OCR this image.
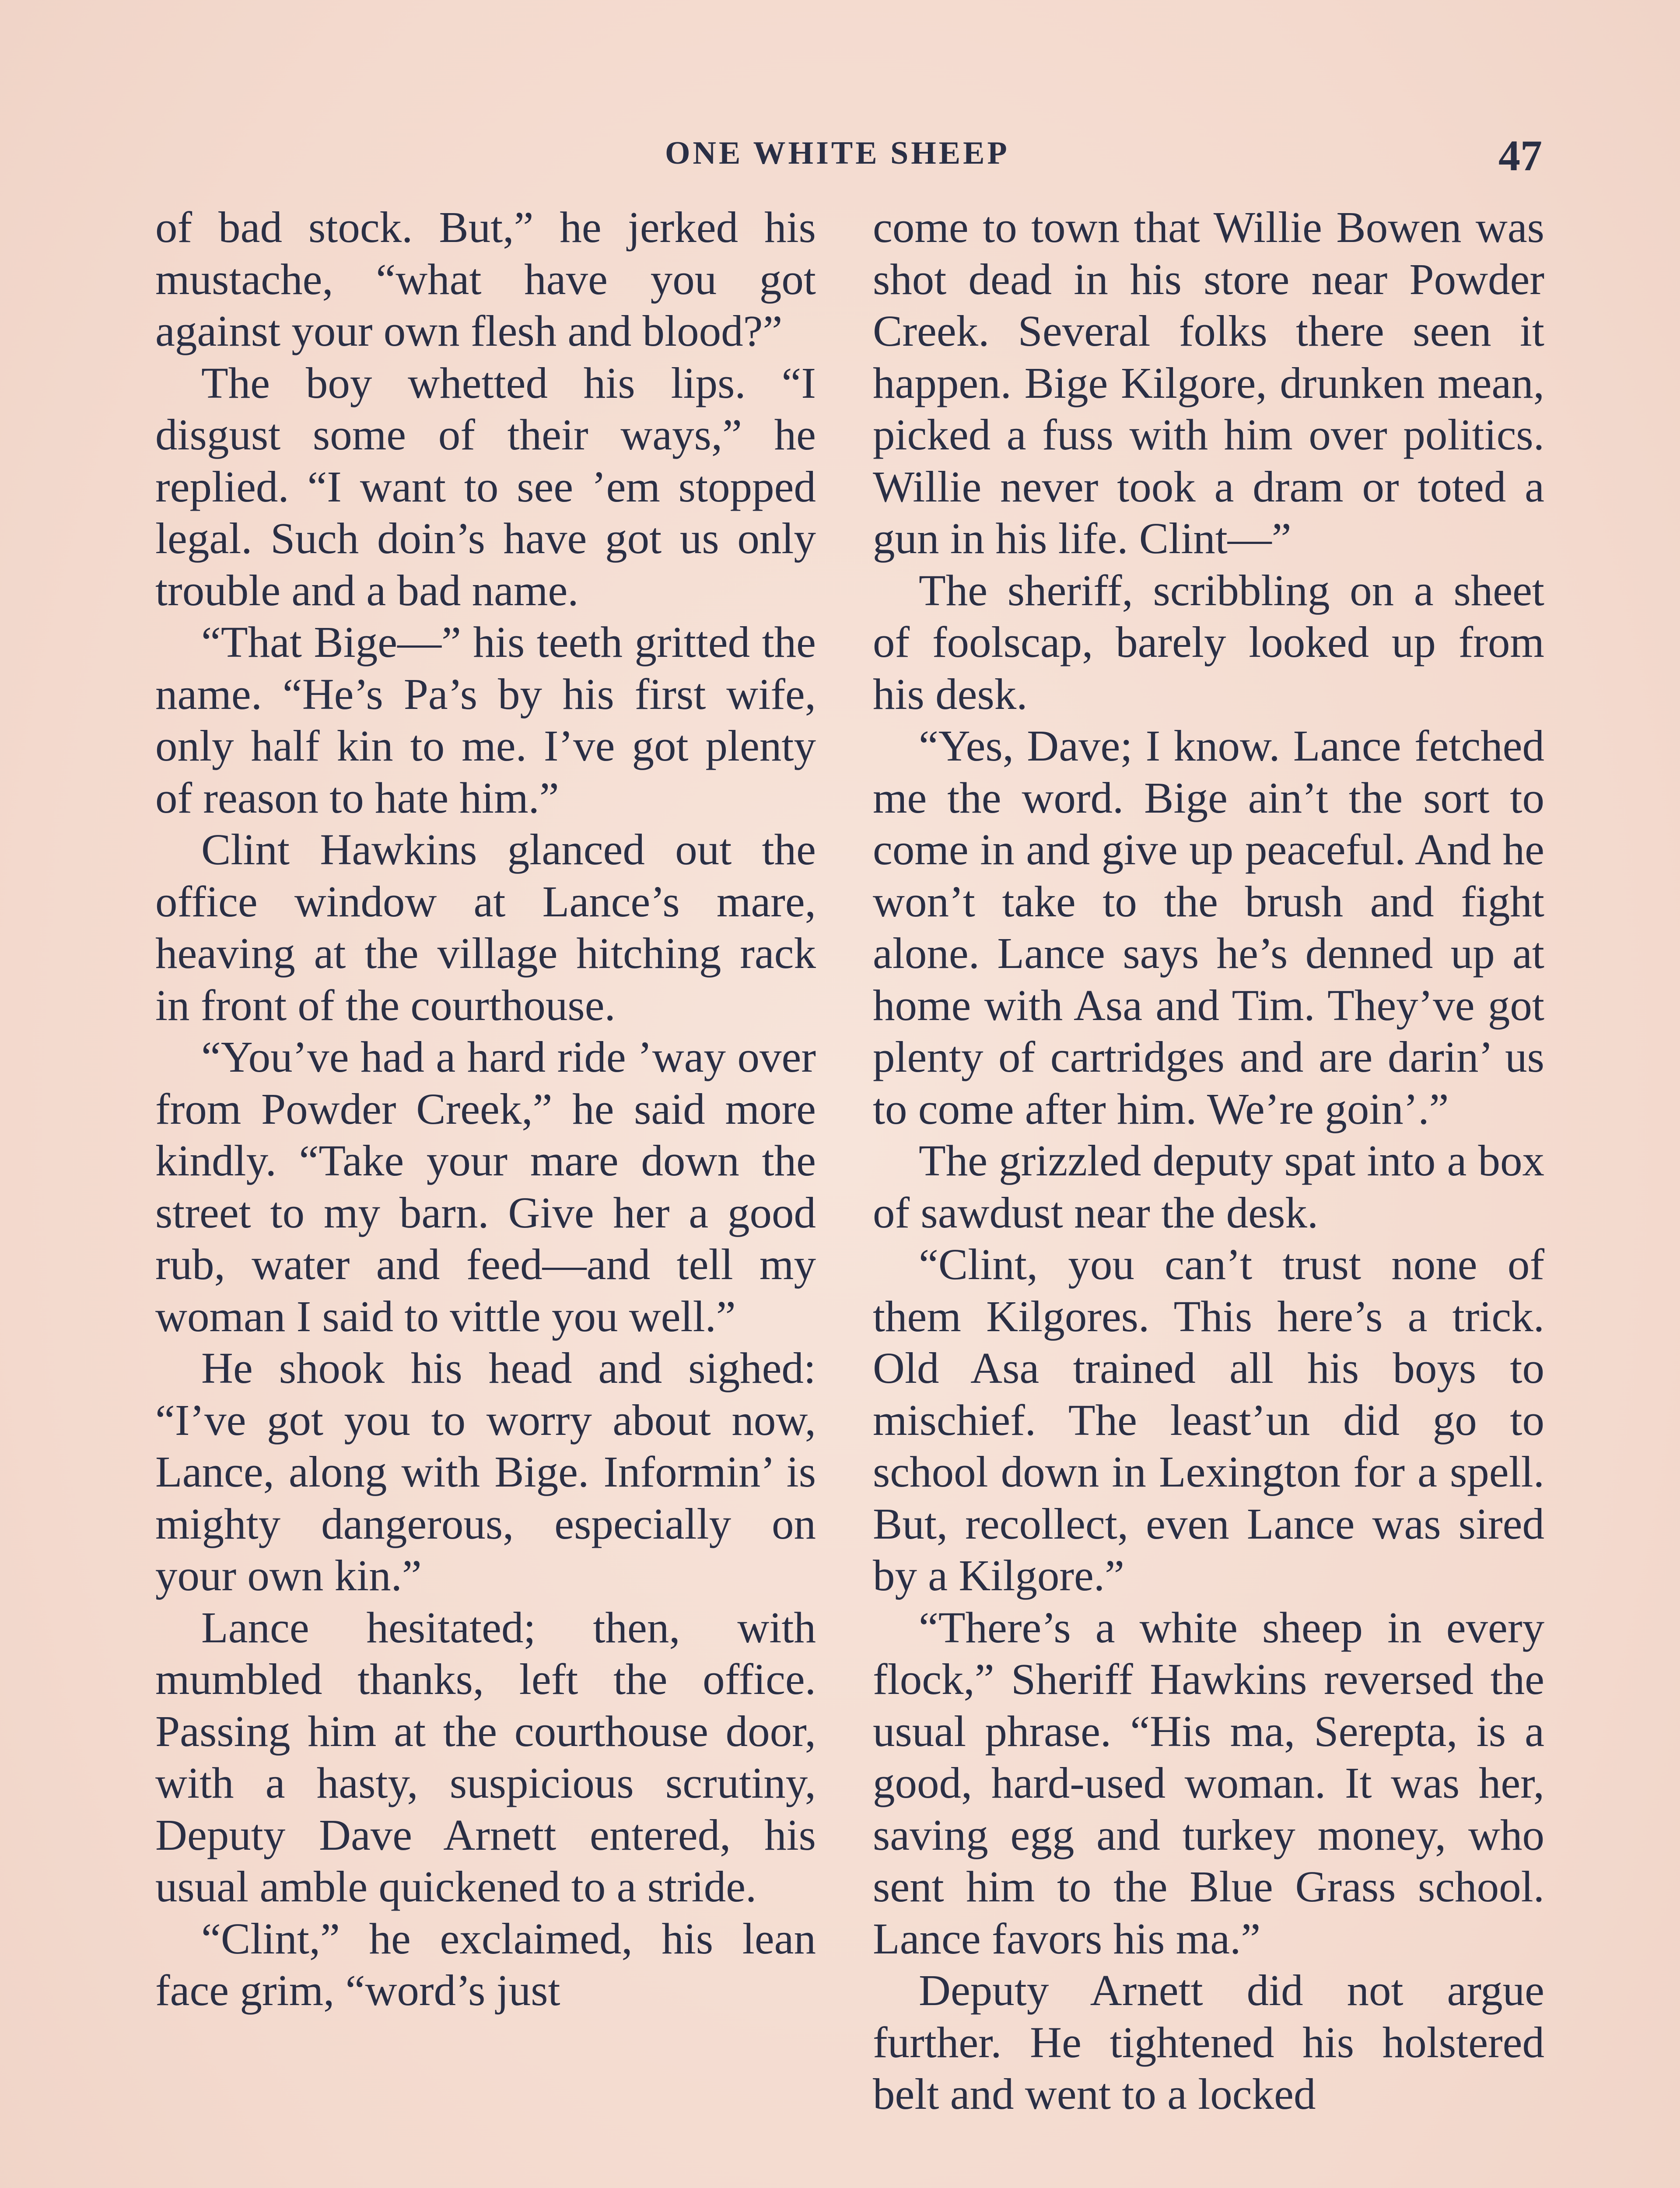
ONE WHITE SHEEP	47

of bad stock. But,” he jerked his mustache, “what have you got against your own flesh and blood?”

The boy whetted his lips. “I disgust some of their ways,” he replied. “I want to see ’em stopped legal. Such doin’s have got us only trouble and a bad name.

“That Bige—” his teeth gritted the name. “He’s Pa’s by his first wife, only half kin to me. I’ve got plenty of reason to hate him.”

Clint Hawkins glanced out the office window at Lance’s mare, heaving at the village hitching rack in front of the courthouse.

“You’ve had a hard ride ’way over from Powder Creek,” he said more kindly. “Take your mare down the street to my barn. Give her a good rub, water and feed—and tell my woman I said to vittle you well.”

He shook his head and sighed: “I’ve got you to worry about now, Lance, along with Bige. Informin’ is mighty dangerous, especially on your own kin.”

Lance hesitated; then, with mumbled thanks, left the office. Passing him at the courthouse door, with a hasty, suspicious scrutiny, Deputy Dave Arnett entered, his usual amble quickened to a stride.

“Clint,” he exclaimed, his lean face grim, “word’s just

come to town that Willie Bowen was shot dead in his store near Powder Creek. Several folks there seen it happen. Bige Kilgore, drunken mean, picked a fuss with him over politics. Willie never took a dram or toted a gun in his life. Clint—”

The sheriff, scribbling on a sheet of foolscap, barely looked up from his desk.

“Yes, Dave; I know. Lance fetched me the word. Bige ain’t the sort to come in and give up peaceful. And he won’t take to the brush and fight alone. Lance says he’s denned up at home with Asa and Tim. They’ve got plenty of cartridges and are darin’ us to come after him. We’re goin’.”

The grizzled deputy spat into a box of sawdust near the desk.

“Clint, you can’t trust none of them Kilgores. This here’s a trick. Old Asa trained all his boys to mischief. The least’un did go to school down in Lexington for a spell. But, recollect, even Lance was sired by a Kilgore.”

“There’s a white sheep in every flock,” Sheriff Hawkins reversed the usual phrase. “His ma, Serepta, is a good, hard-used woman. It was her, saving egg and turkey money, who sent him to the Blue Grass school. Lance favors his ma.”

Deputy Arnett did not argue further. He tightened his holstered belt and went to a locked
